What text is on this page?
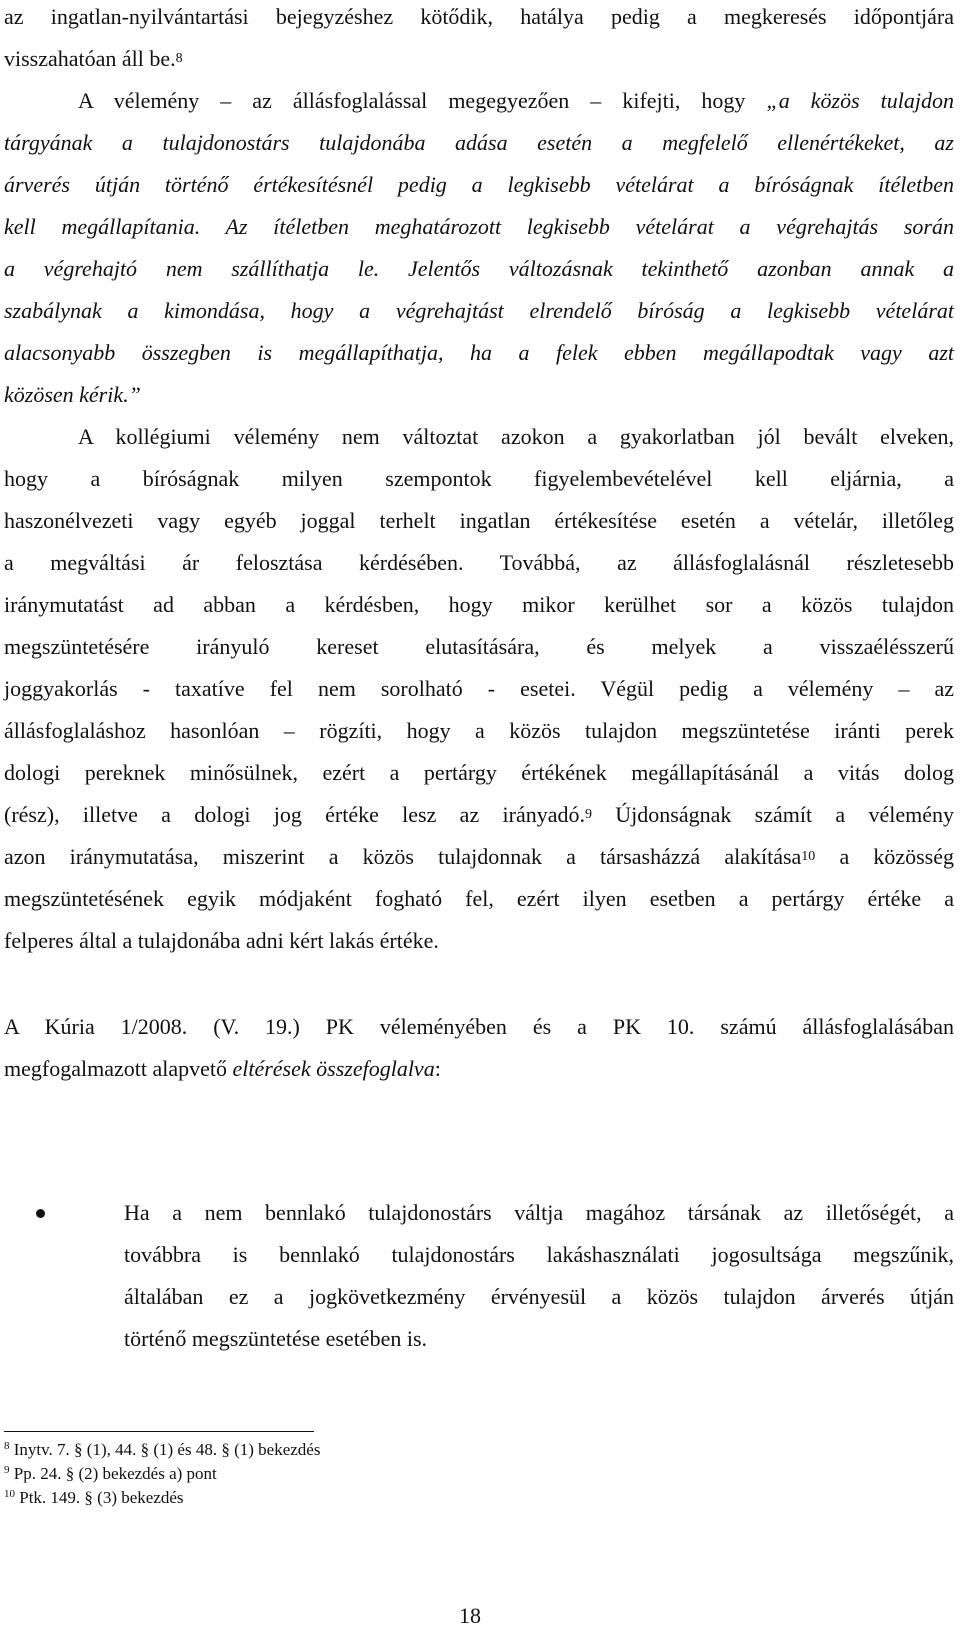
az ingatlan-nyilvántartási bejegyzéshez kötődik, hatálya pedig a megkeresés időpontjára
visszahatóan áll be.$^8$
A vélemény – az állásfoglalással megegyezően – kifejti, hogy „a közös tulajdon
tárgyának a tulajdonostárs tulajdonába adása esetén a megfelelő ellenértékeket, az
árverés útján történő értékesítésnél pedig a legkisebb vételárat a bíróságnak ítéletben
kell megállapítania. Az ítéletben meghatározott legkisebb vételárat a végrehajtás során
a végrehajtó nem szállíthatja le. Jelentős változásnak tekinthető azonban annak a
szabálynak a kimondása, hogy a végrehajtást elrendelő bíróság a legkisebb vételárat
alacsonyabb összegben is megállapíthatja, ha a felek ebben megállapodtak vagy azt
közösen kérik.”
A kollégiumi vélemény nem változtat azokon a gyakorlatban jól bevált elveken,
hogy a bíróságnak milyen szempontok figyelembevételével kell eljárnia, a
haszonélvezeti vagy egyéb joggal terhelt ingatlan értékesítése esetén a vételár, illetőleg
a megváltási ár felosztása kérdésében. Továbbá, az állásfoglalásnál részletesebb
iránymutatást ad abban a kérdésben, hogy mikor kerülhet sor a közös tulajdon
megszüntetésére irányuló kereset elutasítására, és melyek a visszaélésszerű
joggyakorlás - taxatíve fel nem sorolható - esetei. Végül pedig a vélemény – az
állásfoglaláshoz hasonlóan – rögzíti, hogy a közös tulajdon megszüntetése iránti perek
dologi pereknek minősülnek, ezért a pertárgy értékének megállapításánál a vitás dolog
(rész), illetve a dologi jog értéke lesz az irányadó.$^9$ Újdonságnak számít a vélemény
azon iránymutatása, miszerint a közös tulajdonnak a társasházzá alakítása$^{10}$ a közösség
megszüntetésének egyik módjaként fogható fel, ezért ilyen esetben a pertárgy értéke a
felperes által a tulajdonába adni kért lakás értéke.
A Kúria 1/2008. (V. 19.) PK véleményében és a PK 10. számú állásfoglalásában
megfogalmazott alapvető eltérések összefoglalva:
Ha a nem bennlakó tulajdonostárs váltja magához társának az illetőségét, a
továbbra is bennlakó tulajdonostárs lakáshasználati jogosultsága megszűnik,
általában ez a jogkövetkezmény érvényesül a közös tulajdon árverés útján
történő megszüntetése esetében is.
$^8$ Inytv. 7. § (1), 44. § (1) és 48. § (1) bekezdés
$^9$ Pp. 24. § (2) bekezdés a) pont
$^{10}$ Ptk. 149. § (3) bekezdés
18
